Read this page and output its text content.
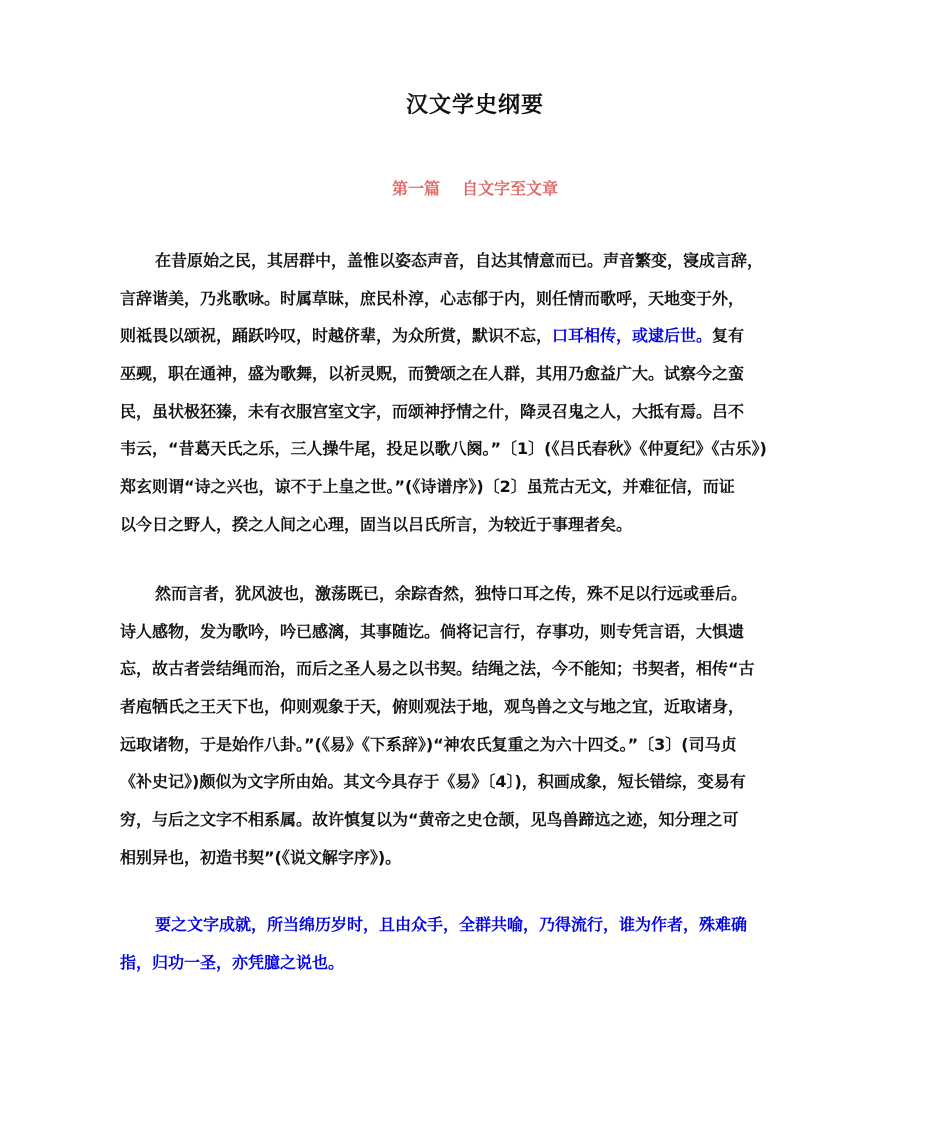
汉文学史纲要
第一篇 自文字至文章
在昔原始之民，其居群中，盖惟以姿态声音，自达其情意而已。声音繁变，寖成言辞，
言辞谐美，乃兆歌咏。时属草昧，庶民朴淳，心志郁于内，则任情而歌呼，天地变于外，
则祗畏以颂祝，踊跃吟叹，时越侪辈，为众所赏，默识不忘，口耳相传，或逮后世。复有
巫觋，职在通神，盛为歌舞，以祈灵贶，而赞颂之在人群，其用乃愈益广大。试察今之蛮
民，虽状极狉獉，未有衣服宫室文字，而颂神抒情之什，降灵召鬼之人，大抵有焉。吕不
韦云，“昔葛天氏之乐，三人操牛尾，投足以歌八阕。”〔1〕(《吕氏春秋》《仲夏纪》《古乐》)
郑玄则谓“诗之兴也，谅不于上皇之世。”(《诗谱序》)〔2〕虽荒古无文，并难征信，而证
以今日之野人，揆之人间之心理，固当以吕氏所言，为较近于事理者矣。
然而言者，犹风波也，激荡既已，余踪杳然，独恃口耳之传，殊不足以行远或垂后。
诗人感物，发为歌吟，吟已感漓，其事随讫。倘将记言行，存事功，则专凭言语，大惧遗
忘，故古者尝结绳而治，而后之圣人易之以书契。结绳之法，今不能知；书契者，相传“古
者庖牺氏之王天下也，仰则观象于天，俯则观法于地，观鸟兽之文与地之宜，近取诸身，
远取诸物，于是始作八卦。”(《易》《下系辞》)“神农氏复重之为六十四爻。”〔3〕(司马贞
《补史记》)颇似为文字所由始。其文今具存于《易》〔4〕)，积画成象，短长错综，变易有
穷，与后之文字不相系属。故许慎复以为“黄帝之史仓颉，见鸟兽蹄迒之迹，知分理之可
相别异也，初造书契”(《说文解字序》)。
要之文字成就，所当绵历岁时，且由众手，全群共喻，乃得流行，谁为作者，殊难确
指，归功一圣，亦凭臆之说也。
